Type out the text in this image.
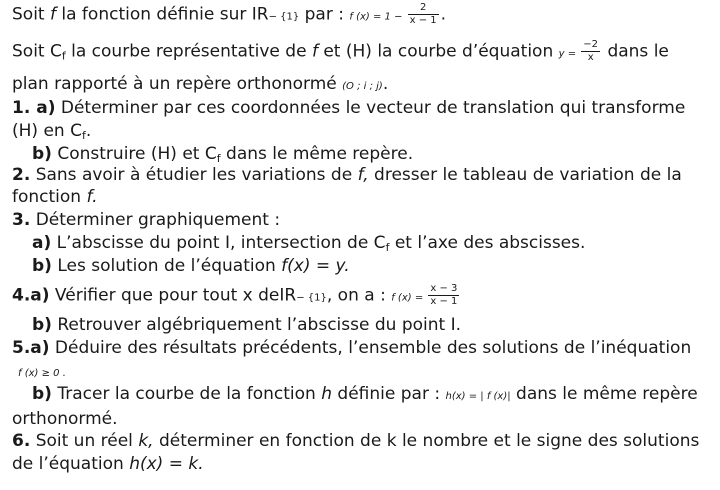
Soit f la fonction définie sur IR− {1} par : f $(x) = 1 - \frac{2}{x - 1}$ .
Soit $C_f$ la courbe représentative de f et (H) la courbe d’équation $y = \frac{-2}{x}$ dans le
plan rapporté à un repère orthonormé (O ; i ; j).
1. a) Déterminer par ces coordonnées le vecteur de translation qui transforme
(H) en $C_f$.
b) Construire (H) et $C_f$ dans le même repère.
2. Sans avoir à étudier les variations de f, dresser le tableau de variation de la
fonction f.
3. Déterminer graphiquement :
a) L’abscisse du point I, intersection de $C_f$ et l’axe des abscisses.
b) Les solution de l’équation f(x) = y.
4.a) Vérifier que pour tout x deIR− {1}, on a : f $(x) = \frac{x - 3}{x - 1}$
b) Retrouver algébriquement l’abscisse du point I.
5.a) Déduire des résultats précédents, l’ensemble des solutions de l’inéquation
f (x) ≥ 0 .
b) Tracer la courbe de la fonction h définie par : h(x) = | f (x)| dans le même repère
orthonormé.
6. Soit un réel k, déterminer en fonction de k le nombre et le signe des solutions
de l’équation h(x) = k.
